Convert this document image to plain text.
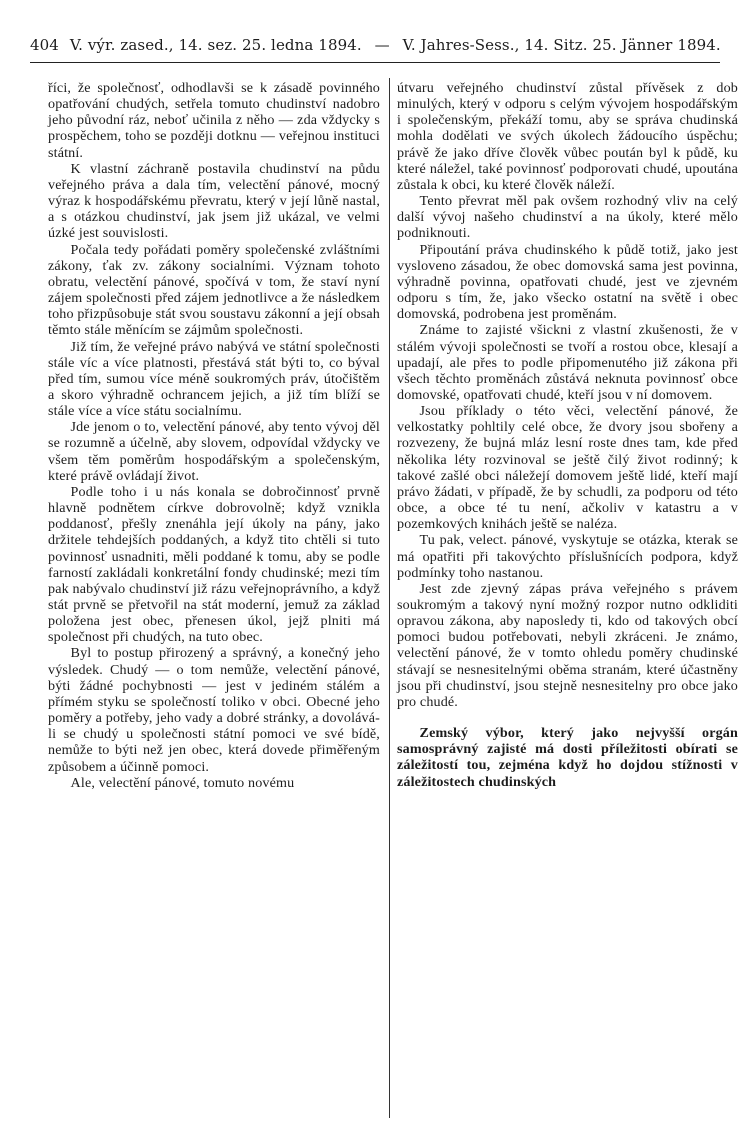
404 V. výr. zased., 14. sez. 25. ledna 1894. — V. Jahres-Sess., 14. Sitz. 25. Jänner 1894.

říci, že společnosť, odhodlavši se k zásadě povinného opatřování chudých, setřela tomuto chudinství nadobro jeho původní ráz, neboť učinila z něho — zda vždycky s prospěchem, toho se později dotknu — veřejnou instituci státní.

K vlastní záchraně postavila chudinství na půdu veřejného práva a dala tím, velectění pánové, mocný výraz k hospodářskému převratu, který v její lůně nastal, a s otázkou chudinství, jak jsem již ukázal, ve velmi úzké jest souvislosti.

Počala tedy pořádati poměry společenské zvláštními zákony, ťak zv. zákony socialními. Význam tohoto obratu, velectění pánové, spočívá v tom, že staví nyní zájem společnosti před zájem jednotlivce a že následkem toho přizpůsobuje stát svou soustavu zákonní a její obsah těmto stále měnícím se zájmům společnosti.

Již tím, že veřejné právo nabývá ve státní společnosti stále víc a více platnosti, přestává stát býti to, co býval před tím, sumou více méně soukromých práv, útočištěm a skoro výhradně ochrancem jejich, a již tím blíží se stále více a více státu socialnímu.

Jde jenom o to, velectění pánové, aby tento vývoj děl se rozumně a účelně, aby slovem, odpovídal vždycky ve všem těm poměrům hospodářským a společenským, které právě ovládají život.

Podle toho i u nás konala se dobročinnosť prvně hlavně podnětem církve dobrovolně; když vznikla poddanosť, přešly znenáhla její úkoly na pány, jako držitele tehdejších poddaných, a když tito chtěli si tuto povinnosť usnadniti, měli poddané k tomu, aby se podle farností zakládali konkretální fondy chudinské; mezi tím pak nabývalo chudinství již rázu veřejnoprávního, a když stát prvně se přetvořil na stát moderní, jemuž za základ položena jest obec, přenesen úkol, jejž plniti má společnost při chudých, na tuto obec.

Byl to postup přirozený a správný, a konečný jeho výsledek. Chudý — o tom nemůže, velectění pánové, býti žádné pochybnosti — jest v jediném stálém a přímém styku se společností toliko v obci. Obecné jeho poměry a potřeby, jeho vady a dobré stránky, a dovolává-li se chudý u společnosti státní pomoci ve své bídě, nemůže to býti než jen obec, která dovede přiměřeným způsobem a účinně pomoci.

Ale, velectění pánové, tomuto novému

útvaru veřejného chudinství zůstal přívěsek z dob minulých, který v odporu s celým vývojem hospodářským i společenským, překáží tomu, aby se správa chudinská mohla dodělati ve svých úkolech žádoucího úspěchu; právě že jako dříve člověk vůbec poután byl k půdě, ku které náležel, také povinnosť podporovati chudé, upoutána zůstala k obci, ku které člověk náleží.

Tento převrat měl pak ovšem rozhodný vliv na celý další vývoj našeho chudinství a na úkoly, které mělo podniknouti.

Připoutání práva chudinského k půdě totiž, jako jest vysloveno zásadou, že obec domovská sama jest povinna, výhradně povinna, opatřovati chudé, jest ve zjevném odporu s tím, že, jako všecko ostatní na světě i obec domovská, podrobena jest proměnám.

Známe to zajisté všickni z vlastní zkušenosti, že v stálém vývoji společnosti se tvoří a rostou obce, klesají a upadají, ale přes to podle připomenutého již zákona při všech těchto proměnách zůstává neknuta povinnosť obce domovské, opatřovati chudé, kteří jsou v ní domovem.

Jsou příklady o této věci, velectění pánové, že velkostatky pohltily celé obce, že dvory jsou sbořeny a rozvezeny, že bujná mláz lesní roste dnes tam, kde před několika léty rozvinoval se ještě čilý život rodinný; k takové zašlé obci náležejí domovem ještě lidé, kteří mají právo žádati, v případě, že by schudli, za podporu od této obce, a obce té tu není, ačkoliv v katastru a v pozemkových knihách ještě se naléza.

Tu pak, velect. pánové, vyskytuje se otázka, kterak se má opatřiti při takovýchto příslušnících podpora, když podmínky toho nastanou.

Jest zde zjevný zápas práva veřejného s právem soukromým a takový nyní možný rozpor nutno odkliditi opravou zákona, aby naposledy ti, kdo od takových obcí pomoci budou potřebovati, nebyli zkráceni. Je známo, velectění pánové, že v tomto ohledu poměry chudinské stávají se nesnesitelnými oběma stranám, které účastněny jsou při chudinství, jsou stejně nesnesitelny pro obce jako pro chudé.

Zemský výbor, který jako nejvyšší orgán samosprávný zajisté má dosti příležitosti obírati se záležitostí tou, zejména když ho dojdou stížnosti v záležitostech chudinských
